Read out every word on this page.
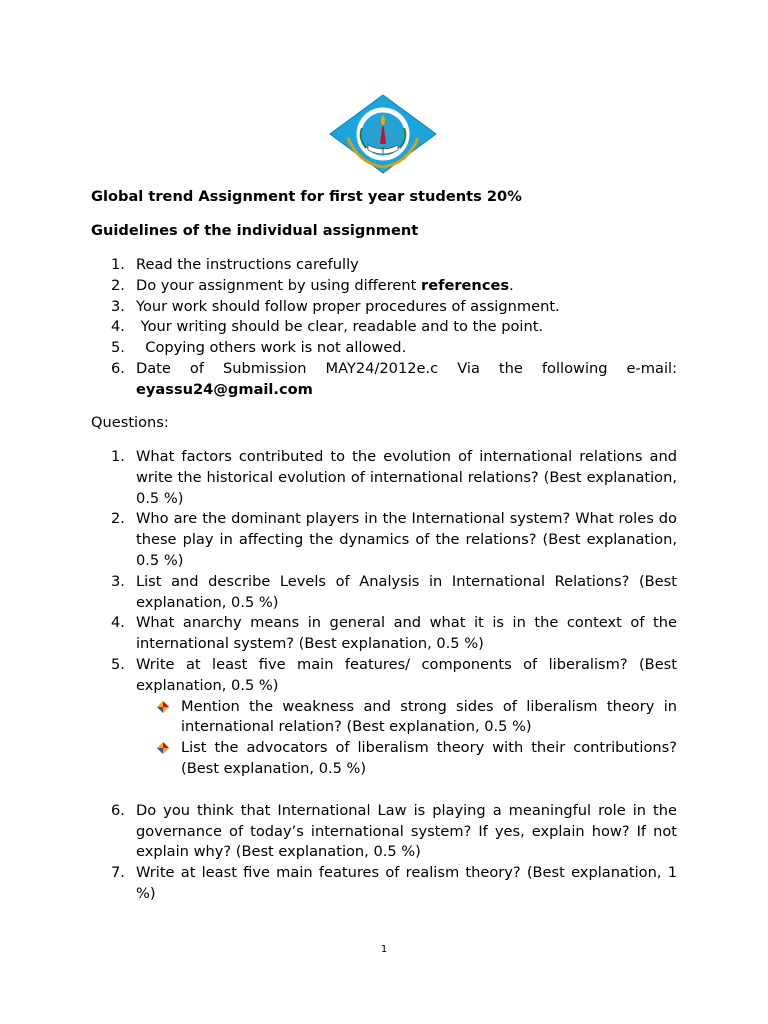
Global trend Assignment for first year students 20%
Guidelines of the individual assignment
1. Read the instructions carefully
2. Do your assignment by using different references.
3. Your work should follow proper procedures of assignment.
4. Your writing should be clear, readable and to the point.
5. Copying others work is not allowed.
6. Date of Submission MAY24/2012e.c Via the following e-mail:
eyassu24@gmail.com
Questions:
1. What factors contributed to the evolution of international relations and write the historical evolution of international relations? (Best explanation, 0.5 %)
2. Who are the dominant players in the International system? What roles do these play in affecting the dynamics of the relations? (Best explanation, 0.5 %)
3. List and describe Levels of Analysis in International Relations? (Best explanation, 0.5 %)
4. What anarchy means in general and what it is in the context of the international system? (Best explanation, 0.5 %)
5. Write at least five main features/ components of liberalism? (Best explanation, 0.5 %)
Mention the weakness and strong sides of liberalism theory in international relation? (Best explanation, 0.5 %)
List the advocators of liberalism theory with their contributions? (Best explanation, 0.5 %)
6. Do you think that International Law is playing a meaningful role in the governance of today’s international system? If yes, explain how? If not explain why? (Best explanation, 0.5 %)
7. Write at least five main features of realism theory? (Best explanation, 1 %)
1
